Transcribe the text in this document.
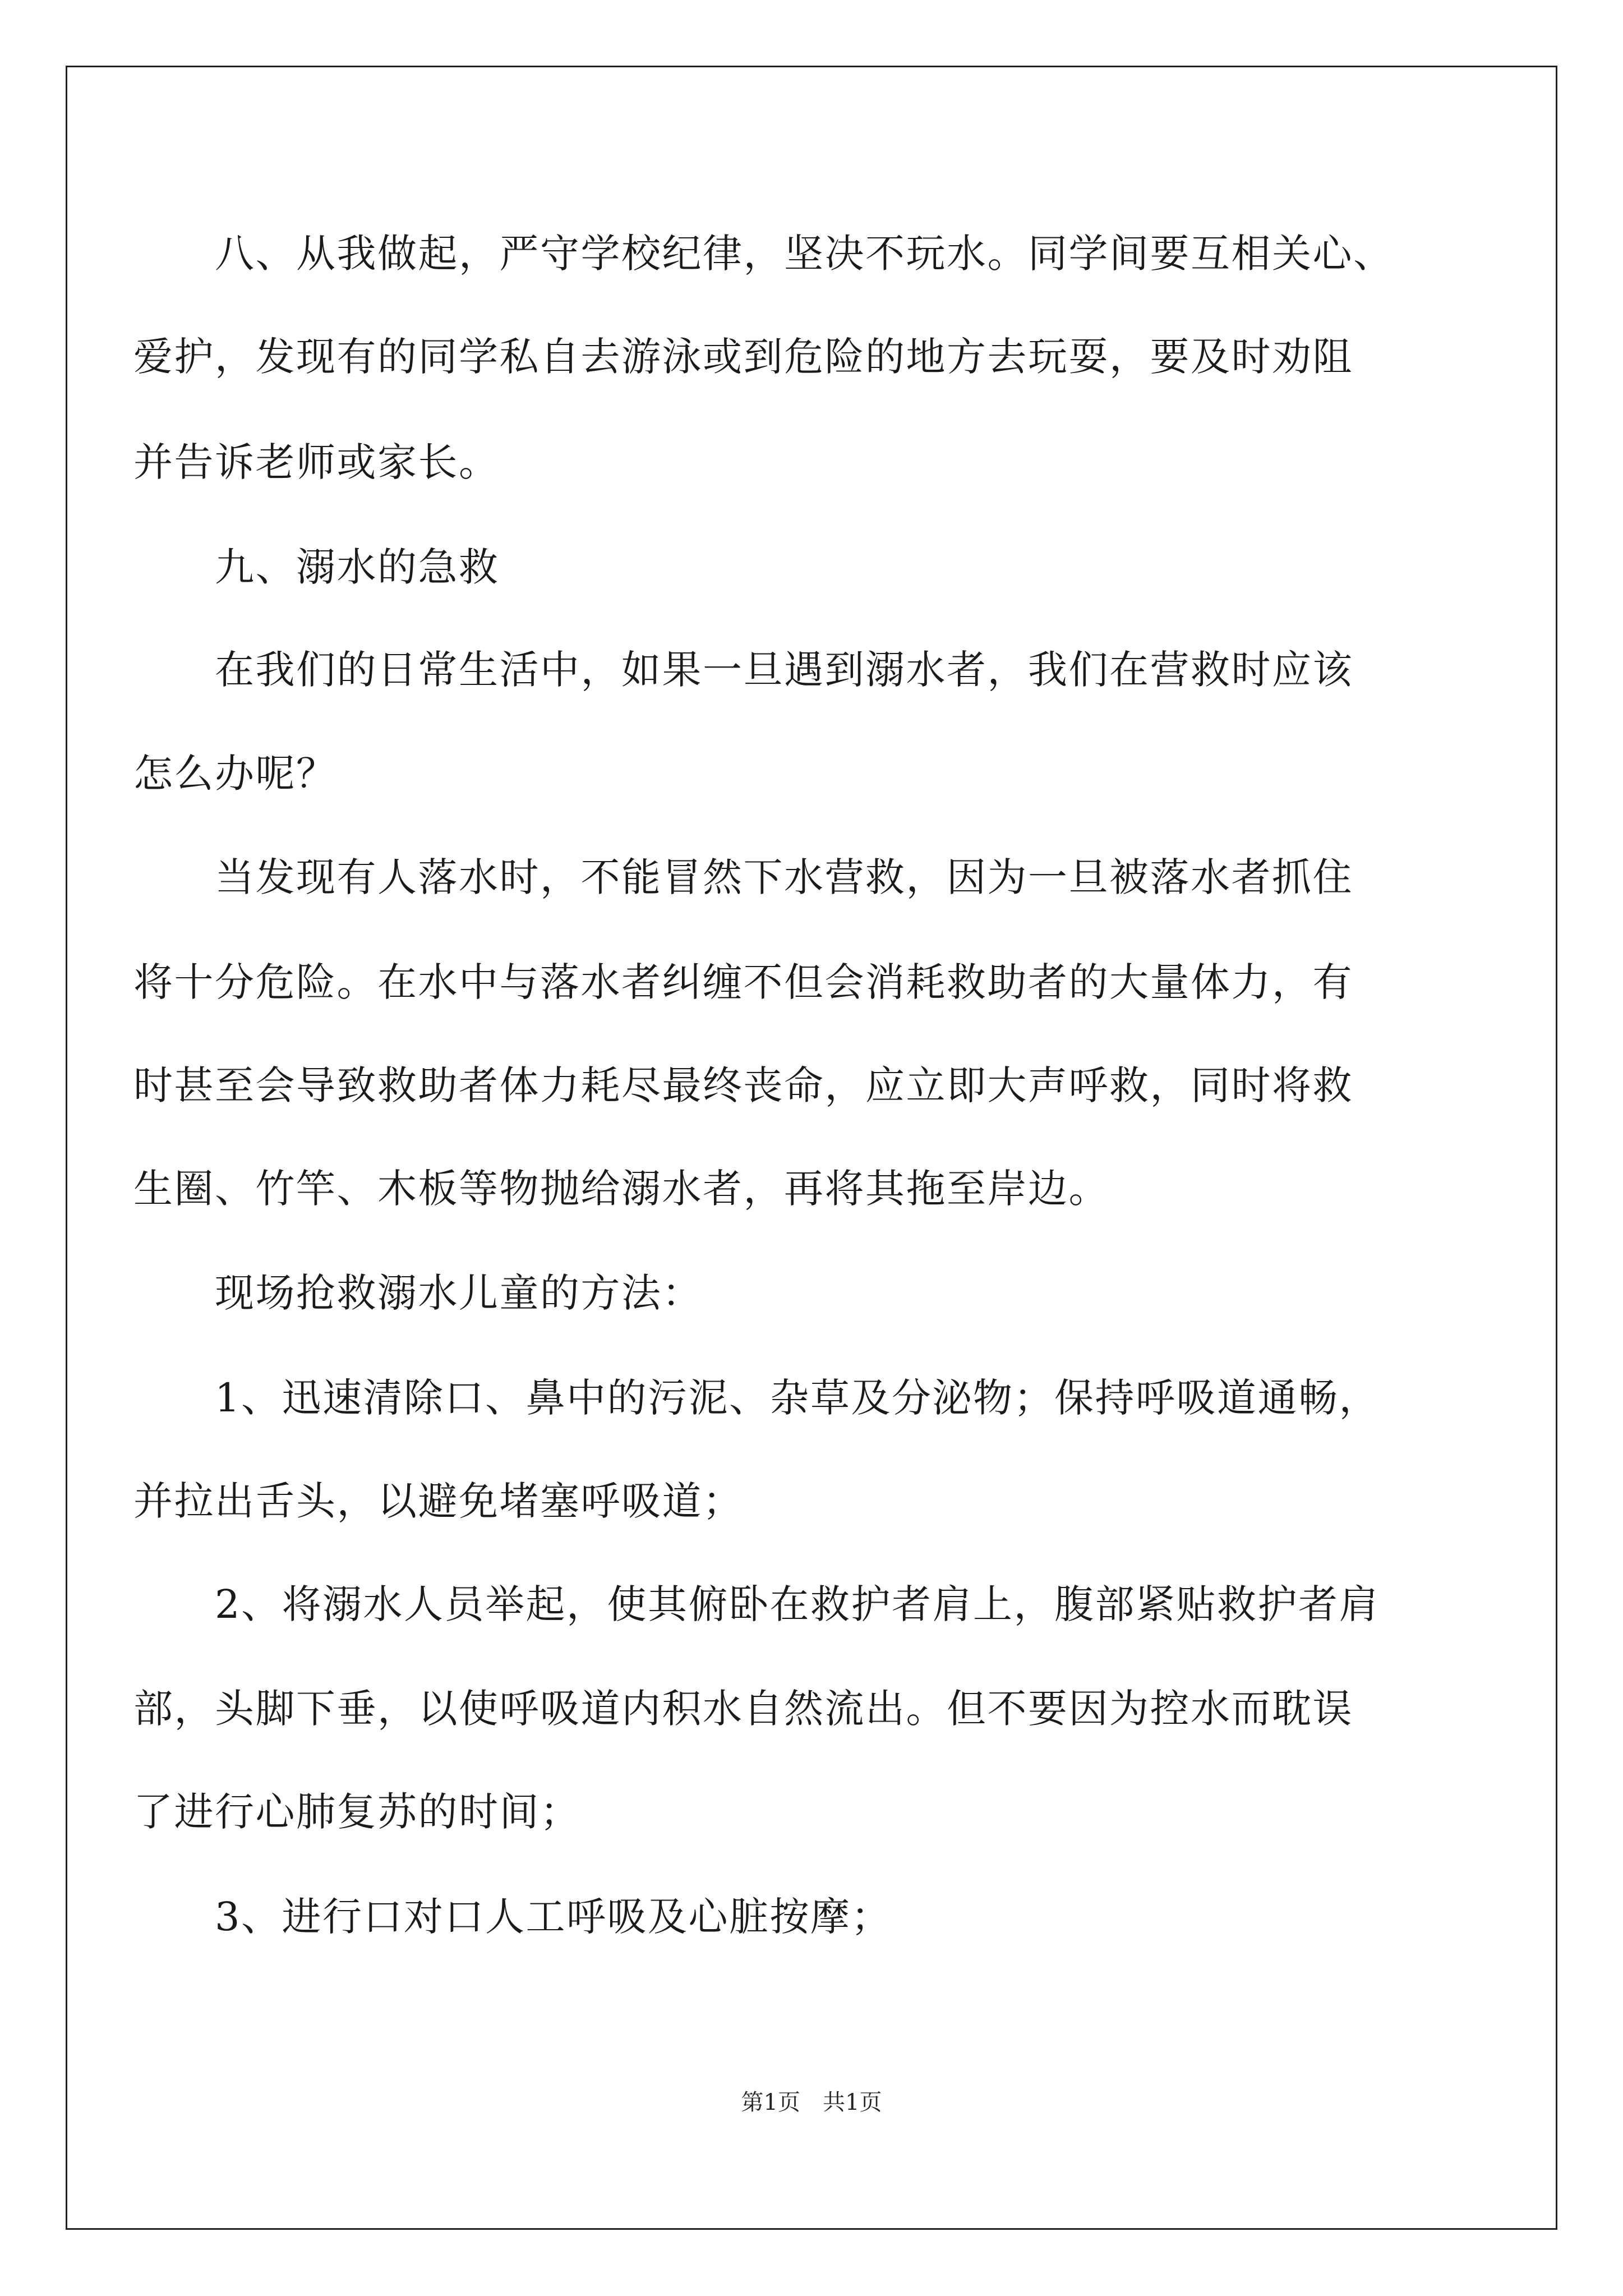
八、从我做起，严守学校纪律，坚决不玩水。同学间要互相关心、
爱护，发现有的同学私自去游泳或到危险的地方去玩耍，要及时劝阻
并告诉老师或家长。
九、溺水的急救
在我们的日常生活中，如果一旦遇到溺水者，我们在营救时应该
怎么办呢？
当发现有人落水时，不能冒然下水营救，因为一旦被落水者抓住
将十分危险。在水中与落水者纠缠不但会消耗救助者的大量体力，有
时甚至会导致救助者体力耗尽最终丧命，应立即大声呼救，同时将救
生圈、竹竿、木板等物抛给溺水者，再将其拖至岸边。
现场抢救溺水儿童的方法：
1、迅速清除口、鼻中的污泥、杂草及分泌物；保持呼吸道通畅，
并拉出舌头，以避免堵塞呼吸道；
2、将溺水人员举起，使其俯卧在救护者肩上，腹部紧贴救护者肩
部，头脚下垂，以使呼吸道内积水自然流出。但不要因为控水而耽误
了进行心肺复苏的时间；
3、进行口对口人工呼吸及心脏按摩；
第1页　共1页
